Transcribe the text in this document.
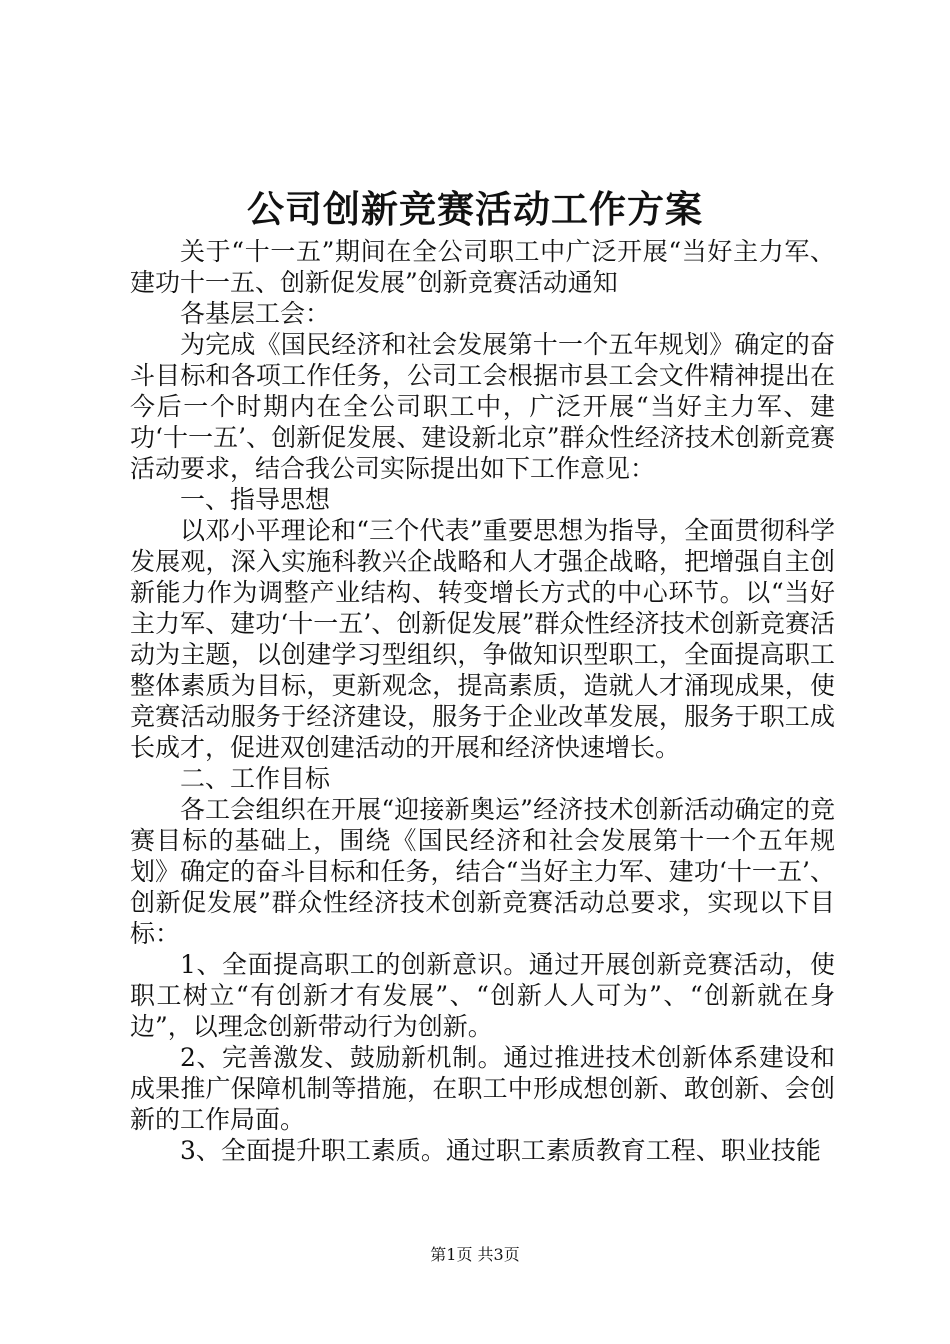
公司创新竞赛活动工作方案

关于“十一五”期间在全公司职工中广泛开展“当好主力军、建功十一五、创新促发展”创新竞赛活动通知

各基层工会：

为完成《国民经济和社会发展第十一个五年规划》确定的奋斗目标和各项工作任务，公司工会根据市县工会文件精神提出在今后一个时期内在全公司职工中，广泛开展“当好主力军、建功‘十一五’、创新促发展、建设新北京”群众性经济技术创新竞赛活动要求，结合我公司实际提出如下工作意见：

一、指导思想

以邓小平理论和“三个代表”重要思想为指导，全面贯彻科学发展观，深入实施科教兴企战略和人才强企战略，把增强自主创新能力作为调整产业结构、转变增长方式的中心环节。以“当好主力军、建功‘十一五’、创新促发展”群众性经济技术创新竞赛活动为主题，以创建学习型组织，争做知识型职工，全面提高职工整体素质为目标，更新观念，提高素质，造就人才涌现成果，使竞赛活动服务于经济建设，服务于企业改革发展，服务于职工成长成才，促进双创建活动的开展和经济快速增长。

二、工作目标

各工会组织在开展“迎接新奥运”经济技术创新活动确定的竞赛目标的基础上，围绕《国民经济和社会发展第十一个五年规划》确定的奋斗目标和任务，结合“当好主力军、建功‘十一五’、创新促发展”群众性经济技术创新竞赛活动总要求，实现以下目标：

1、全面提高职工的创新意识。通过开展创新竞赛活动，使职工树立“有创新才有发展”、“创新人人可为”、“创新就在身边”，以理念创新带动行为创新。

2、完善激发、鼓励新机制。通过推进技术创新体系建设和成果推广保障机制等措施，在职工中形成想创新、敢创新、会创新的工作局面。

3、全面提升职工素质。通过职工素质教育工程、职业技能

第1页 共3页
